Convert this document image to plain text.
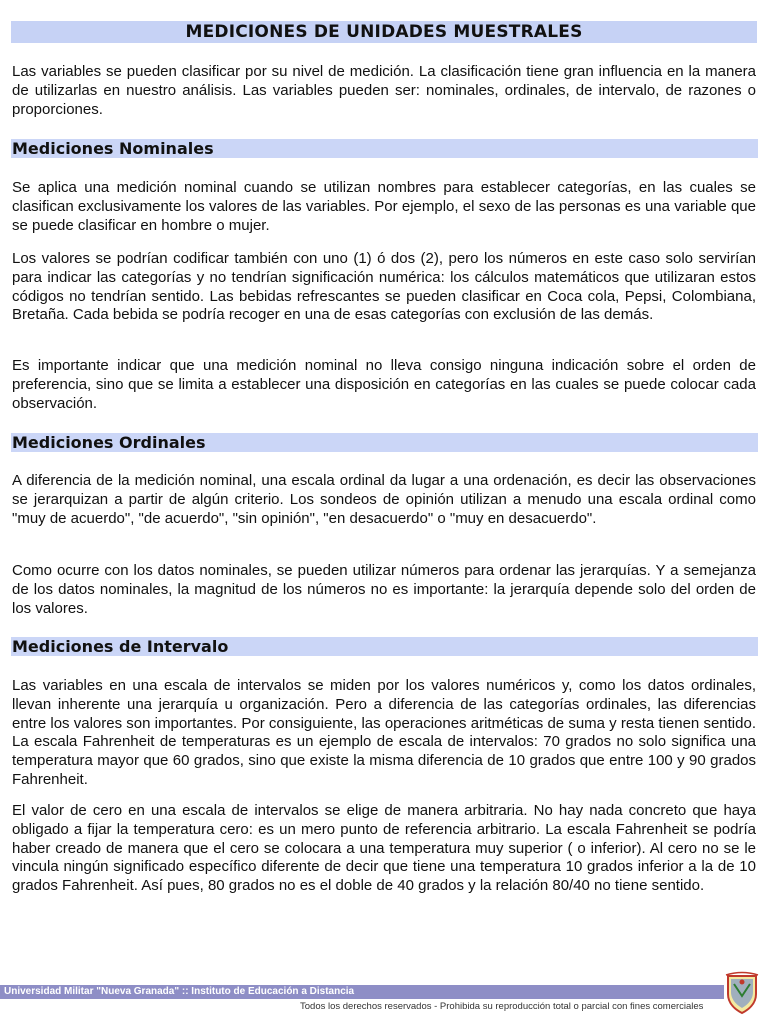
MEDICIONES DE UNIDADES MUESTRALES

Las variables se pueden clasificar por su nivel de medición. La clasificación tiene gran influencia en la manera de utilizarlas en nuestro análisis. Las variables pueden ser: nominales, ordinales, de intervalo, de razones o proporciones.

Mediciones Nominales

Se aplica una medición nominal cuando se utilizan nombres para establecer categorías, en las cuales se clasifican exclusivamente los valores de las variables. Por ejemplo, el sexo de las personas es una variable que se puede clasificar en hombre o mujer.

Los valores se podrían codificar también con uno (1) ó dos (2), pero los números en este caso solo servirían para indicar las categorías y no tendrían significación numérica: los cálculos matemáticos que utilizaran estos códigos no tendrían sentido. Las bebidas refrescantes se pueden clasificar en Coca cola, Pepsi, Colombiana, Bretaña. Cada bebida se podría recoger en una de esas categorías con exclusión de las demás.

Es importante indicar que una medición nominal no lleva consigo ninguna indicación sobre el orden de preferencia, sino que se limita a establecer una disposición en categorías en las cuales se puede colocar cada observación.

Mediciones Ordinales

A diferencia de la medición nominal, una escala ordinal da lugar a una ordenación, es decir las observaciones se jerarquizan a partir de algún criterio. Los sondeos de opinión utilizan a menudo una escala ordinal como "muy de acuerdo", "de acuerdo", "sin opinión", "en desacuerdo" o "muy en desacuerdo".

Como ocurre con los datos nominales, se pueden utilizar números para ordenar las jerarquías. Y a semejanza de los datos nominales, la magnitud de los números no es importante: la jerarquía depende solo del orden de los valores.

Mediciones de Intervalo

Las variables en una escala de intervalos se miden por los valores numéricos y, como los datos ordinales, llevan inherente una jerarquía u organización. Pero a diferencia de las categorías ordinales, las diferencias entre los valores son importantes. Por consiguiente, las operaciones aritméticas de suma y resta tienen sentido. La escala Fahrenheit de temperaturas es un ejemplo de escala de intervalos: 70 grados no solo significa una temperatura mayor que 60 grados, sino que existe la misma diferencia de 10 grados que entre 100 y 90 grados Fahrenheit.

El valor de cero en una escala de intervalos se elige de manera arbitraria. No hay nada concreto que haya obligado a fijar la temperatura cero: es un mero punto de referencia arbitrario. La escala Fahrenheit se podría haber creado de manera que el cero se colocara a una temperatura muy superior ( o inferior). Al cero no se le vincula ningún significado específico diferente de decir que tiene una temperatura 10 grados inferior a la de 10 grados Fahrenheit. Así pues, 80 grados no es el doble de 40 grados y la relación 80/40 no tiene sentido.

Universidad Militar "Nueva Granada" :: Instituto de Educación a Distancia
Todos los derechos reservados - Prohibida su reproducción total o parcial con fines comerciales
